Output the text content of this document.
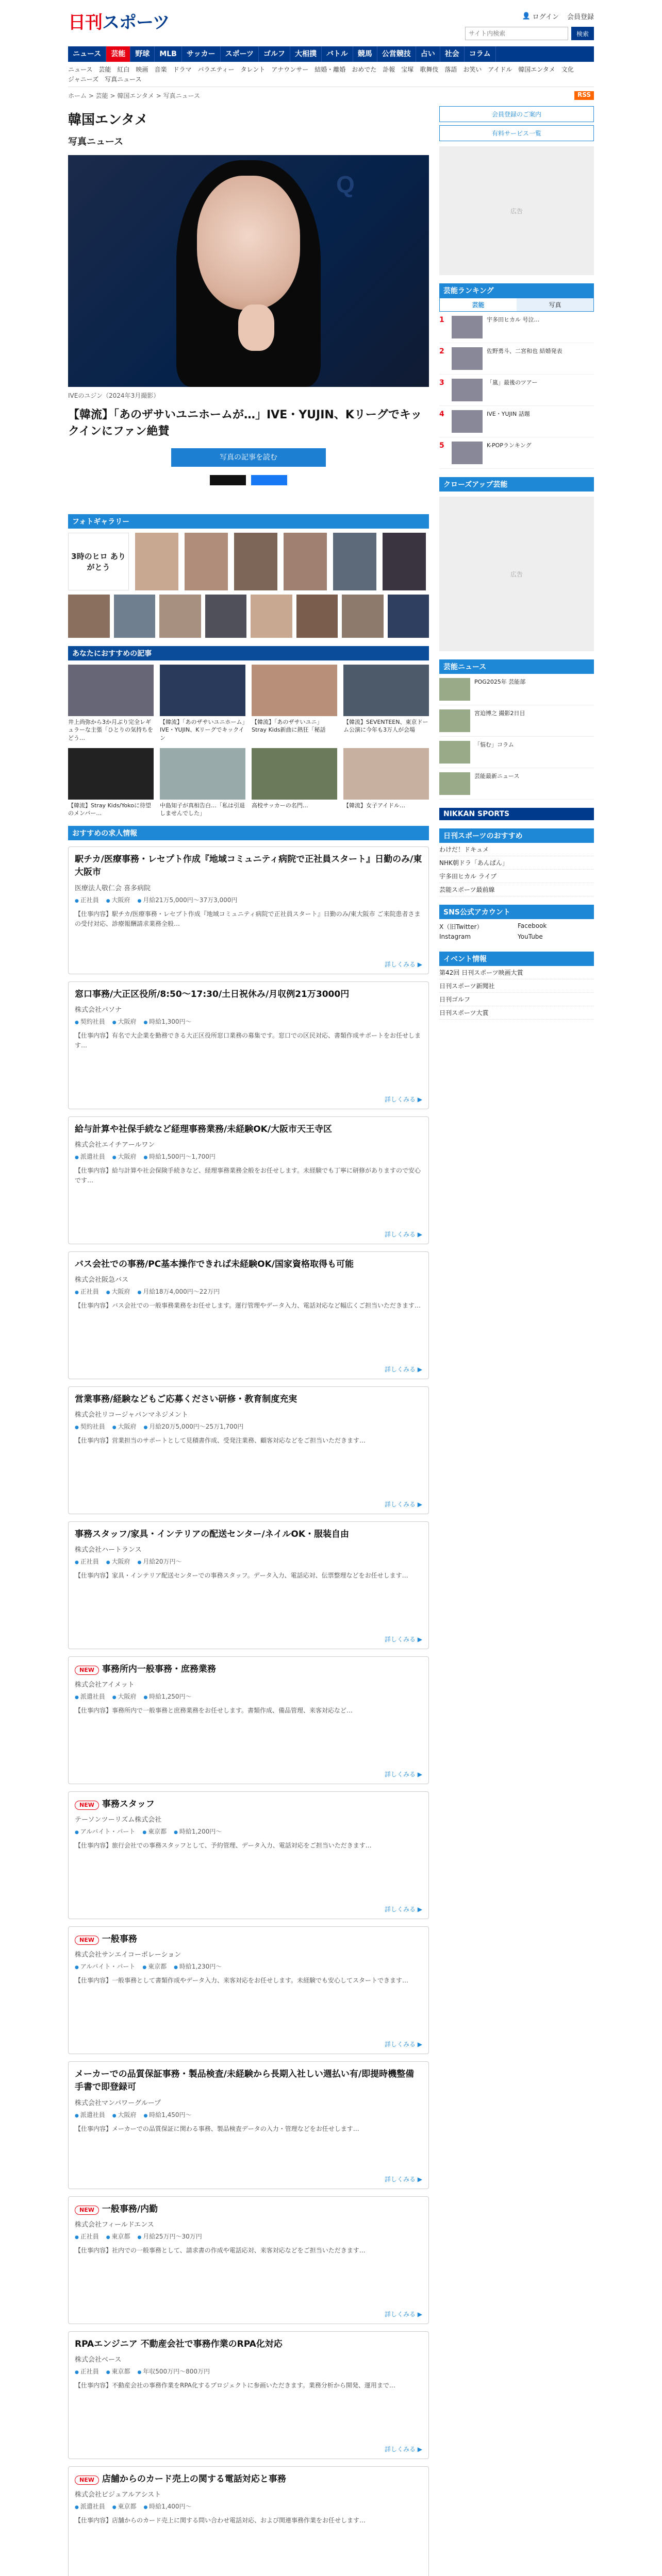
日刊スポーツ	👤 ログイン 会員登録
サイト内検索
検索
ニュース	芸能	野球	MLB	サッカー	スポーツ	ゴルフ	大相撲	バトル	競馬	公営競技	占い	社会	コラム
ニュース 芸能 紅白 映画 音楽 ドラマ バラエティー タレント アナウンサー 結婚・離婚 おめでた 訃報 宝塚 歌舞伎 落語 お笑い アイドル 韓国エンタメ 文化
ジャニーズ 写真ニュース
ホーム > 芸能 > 韓国エンタメ > 写真ニュース	RSS
韓国エンタメ
写真ニュース
Q
IVEのユジン（2024年3月撮影）
【韓流】「あのザサいユニホームが…」IVE・YUJIN、Kリーグでキックインにファン絶賛
写真の記事を読む
フォトギャラリー
3時のヒロ ありがとう
あなたにおすすめの記事
井上尚弥から3か月ぶり完全レギュラーな主張「ひとりの気持ちをどう…
【韓流】「あのザサいユニホーム」IVE・YUJIN、Kリーグでキックイン
【韓流】「あのザサいユニ」Stray Kids新曲に熱狂「秘話
【韓流】SEVENTEEN、東京ドーム公演に今年も3万人が会場
【韓流】Stray Kids/Yokoに待望のメンバー…
中島知子が真相告白…「私は引退しませんでした」
高校サッカーの名門…	【韓流】女子アイドル…
おすすめの求人情報
駅チカ/医療事務・レセプト作成『地域コミュニティ病院で正社員スタート』日勤のみ/東大阪市
医療法人敬仁会 喜多病院
● 正社員	● 大阪府	● 月給21万5,000円〜37万3,000円
【仕事内容】駅チカ/医療事務・レセプト作成『地域コミュニティ病院で正社員スタート』日勤のみ/東大阪市 ご来院患者さまの受付対応、診療報酬請求業務全般…
詳しくみる ▶
窓口事務/大正区役所/8:50〜17:30/土日祝休み/月収例21万3000円
株式会社パソナ
● 契約社員	● 大阪府	● 時給1,300円〜
【仕事内容】有名で大企業を勤務できる大正区役所窓口業務の募集です。窓口での区民対応、書類作成サポートをお任せします…
詳しくみる ▶
給与計算や社保手続など経理事務業務/未経験OK/大阪市天王寺区
株式会社エイチアールワン
● 派遣社員	● 大阪府	● 時給1,500円〜1,700円
【仕事内容】給与計算や社会保険手続きなど、経理事務業務全般をお任せします。未経験でも丁寧に研修がありますので安心です…
詳しくみる ▶
バス会社での事務/PC基本操作できれば未経験OK/国家資格取得も可能
株式会社阪急バス
● 正社員	● 大阪府	● 月給18万4,000円〜22万円
【仕事内容】バス会社での一般事務業務をお任せします。運行管理やデータ入力、電話対応など幅広くご担当いただきます…
詳しくみる ▶
営業事務/経験などもご応募ください研修・教育制度充実
株式会社リコージャパンマネジメント
● 契約社員	● 大阪府	● 月給20万5,000円〜25万1,700円
【仕事内容】営業担当のサポートとして見積書作成、受発注業務、顧客対応などをご担当いただきます…
詳しくみる ▶
事務スタッフ/家具・インテリアの配送センター/ネイルOK・服装自由
株式会社ハートランス
● 正社員	● 大阪府	● 月給20万円〜
【仕事内容】家具・インテリア配送センターでの事務スタッフ。データ入力、電話応対、伝票整理などをお任せします…
詳しくみる ▶
NEW 事務所内一般事務・庶務業務
株式会社アイメット
● 派遣社員	● 大阪府	● 時給1,250円〜
【仕事内容】事務所内で一般事務と庶務業務をお任せします。書類作成、備品管理、来客対応など…
詳しくみる ▶
NEW 事務スタッフ
テーソンツーリズム株式会社
● アルバイト・パート	● 東京都	● 時給1,200円〜
【仕事内容】旅行会社での事務スタッフとして、予約管理、データ入力、電話対応をご担当いただきます…
詳しくみる ▶
NEW 一般事務
株式会社サンエイコーポレーション
● アルバイト・パート	● 東京都	● 時給1,230円〜
【仕事内容】一般事務として書類作成やデータ入力、来客対応をお任せします。未経験でも安心してスタートできます…
詳しくみる ▶
メーカーでの品質保証事務・製品検査/未経験から長期入社しい週払い有/即提時機整備手書で即登録可
株式会社マンパワーグループ
● 派遣社員	● 大阪府	● 時給1,450円〜
【仕事内容】メーカーでの品質保証に関わる事務、製品検査データの入力・管理などをお任せします…
詳しくみる ▶
NEW 一般事務/内勤
株式会社フィールドエンス
● 正社員	● 東京都	● 月給25万円〜30万円
【仕事内容】社内での一般事務として、請求書の作成や電話応対、来客対応などをご担当いただきます…
詳しくみる ▶
RPAエンジニア 不動産会社で事務作業のRPA化対応
株式会社ベース
● 正社員	● 東京都	● 年収500万円〜800万円
【仕事内容】不動産会社の事務作業をRPA化するプロジェクトに参画いただきます。業務分析から開発、運用まで…
詳しくみる ▶
NEW 店舗からのカード売上の関する電話対応と事務
株式会社ビジュアルアシスト
● 派遣社員	● 東京都	● 時給1,400円〜
【仕事内容】店舗からのカード売上に関する問い合わせ電話対応、および関連事務作業をお任せします…
会員登録のご案内
有料サービス一覧
広告
芸能ランキング
芸能	写真
1	宇多田ヒカル 号泣…
2	佐野勇斗、二宮和也 結婚発表
3	「嵐」最後のツアー
4	IVE・YUJIN 話題
5	K-POPランキング
クローズアップ芸能
広告
芸能ニュース
POG2025年 芸能部
宮迫博之 撮影2日目
「悩む」コラム
芸能最新ニュース
NIKKAN SPORTS
日刊スポーツのおすすめ
わけだ！ドキュメ
NHK朝ドラ「あんぱん」
宇多田ヒカル ライブ
芸能スポーツ最前線
SNS公式アカウント
X（旧Twitter）	Facebook
Instagram	YouTube
イベント情報
第42回 日刊スポーツ映画大賞
日刊スポーツ新聞社
日刊ゴルフ
日刊スポーツ大賞
